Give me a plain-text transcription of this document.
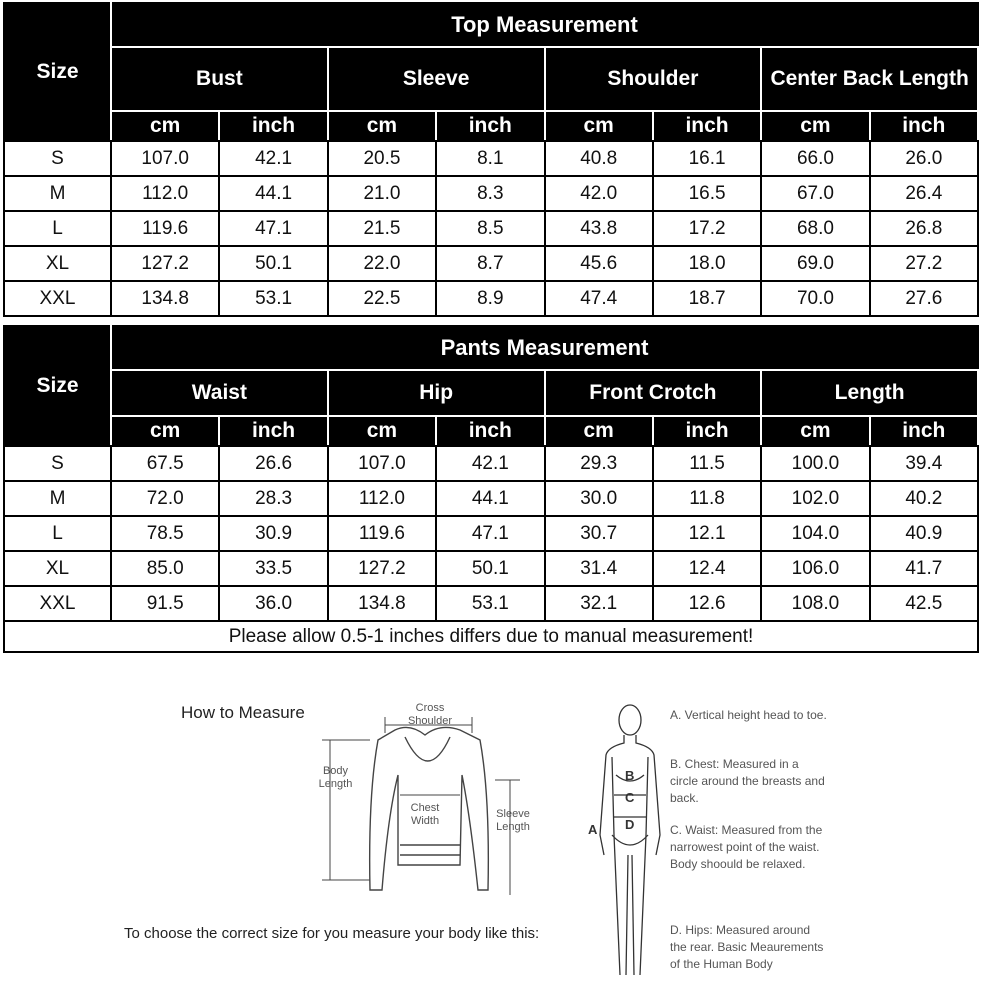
Size	Top Measurement							
	Bust		Sleeve		Shoulder		Center Back Length	
	cm	inch	cm	inch	cm	inch	cm	inch
S	107.0	42.1	20.5	8.1	40.8	16.1	66.0	26.0
M	112.0	44.1	21.0	8.3	42.0	16.5	67.0	26.4
L	119.6	47.1	21.5	8.5	43.8	17.2	68.0	26.8
XL	127.2	50.1	22.0	8.7	45.6	18.0	69.0	27.2
XXL	134.8	53.1	22.5	8.9	47.4	18.7	70.0	27.6
Size	Pants Measurement							
	Waist		Hip		Front Crotch		Length	
	cm	inch	cm	inch	cm	inch	cm	inch
S	67.5	26.6	107.0	42.1	29.3	11.5	100.0	39.4
M	72.0	28.3	112.0	44.1	30.0	11.8	102.0	40.2
L	78.5	30.9	119.6	47.1	30.7	12.1	104.0	40.9
XL	85.0	33.5	127.2	50.1	31.4	12.4	106.0	41.7
XXL	91.5	36.0	134.8	53.1	32.1	12.6	108.0	42.5
Please allow 0.5-1 inches differs due to manual measurement!								
How to Measure	Cross Shoulder
Body Length
Chest Width
Sleeve Length
To choose the correct size for you measure your body like this:
B
C
D
A
A. Vertical height head to toe.
B. Chest: Measured in a circle around the breasts and back.
C. Waist: Measured from the narrowest point of the waist. Body shoould be relaxed.
D. Hips: Measured around the rear. Basic Meaurements of the Human Body
